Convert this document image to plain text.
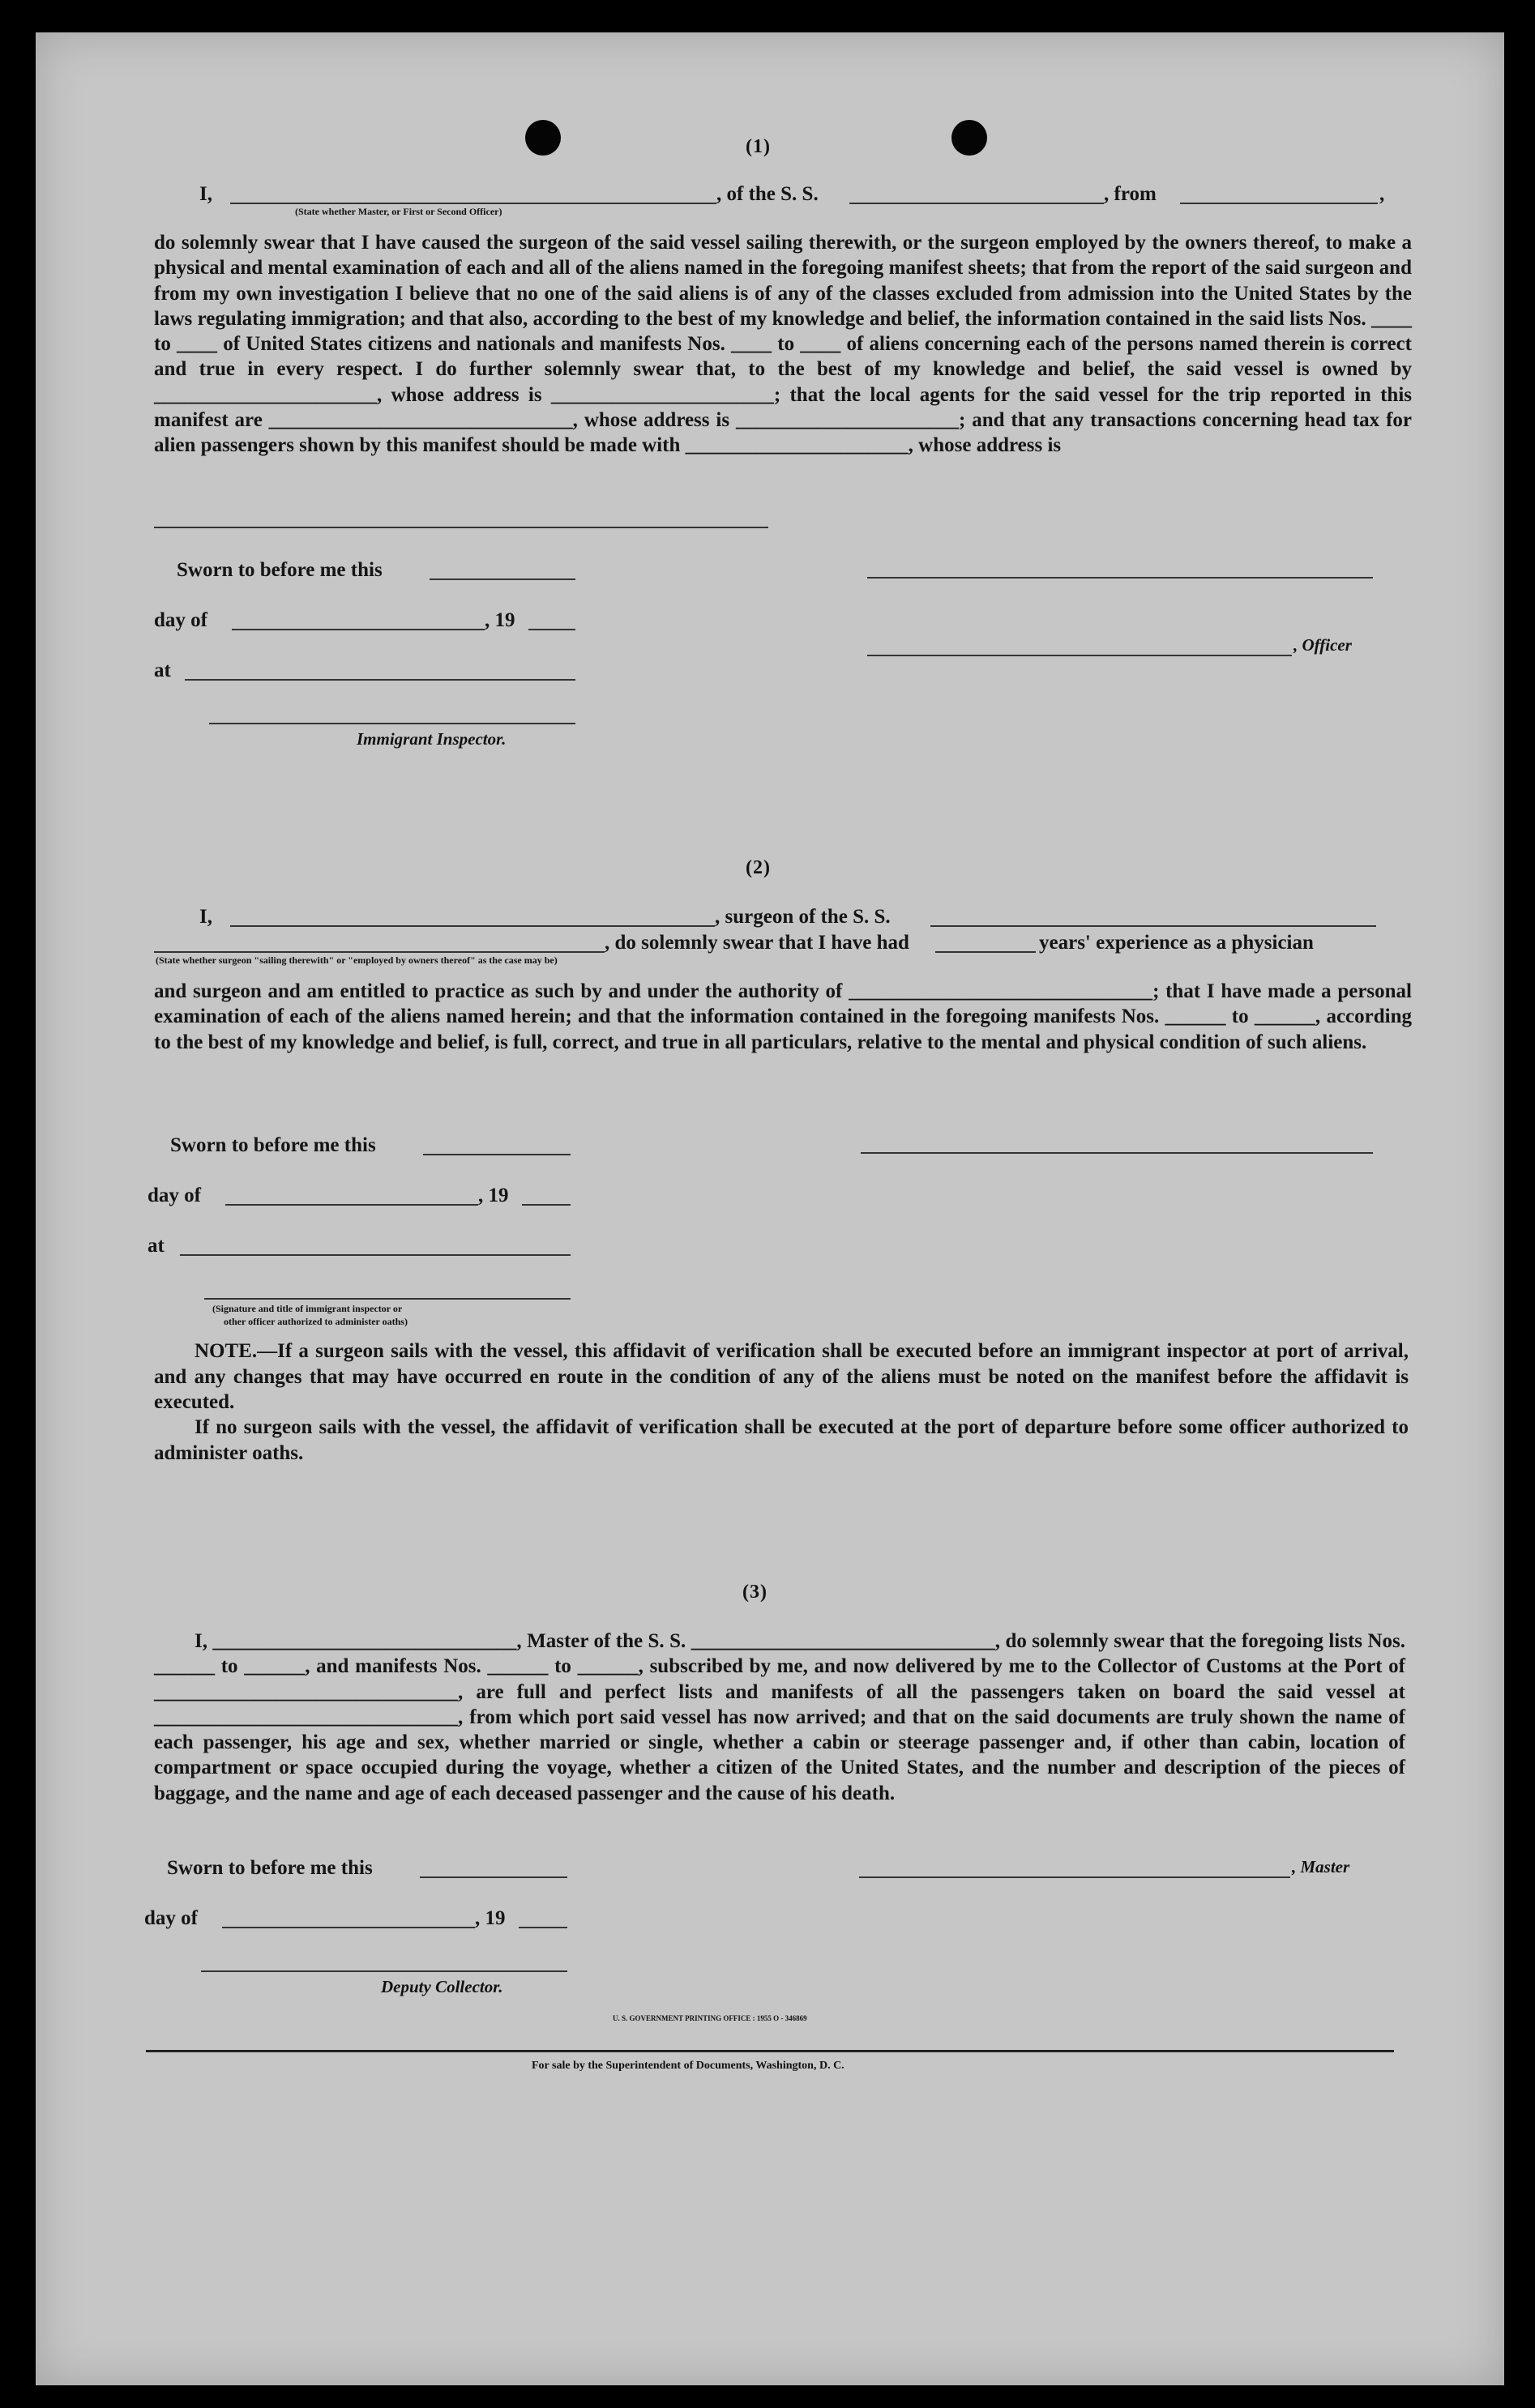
(1)
I,
(State whether Master, or First or Second Officer)
, of the S. S.	, from	,
do solemnly swear that I have caused the surgeon of the said vessel sailing therewith, or the surgeon employed by the owners thereof, to make a physical and mental examination of each and all of the aliens named in the foregoing manifest sheets; that from the report of the said surgeon and from my own investigation I believe that no one of the said aliens is of any of the classes excluded from admission into the United States by the laws regulating immigration; and that also, according to the best of my knowledge and belief, the information contained in the said lists Nos. ____ to ____ of United States citizens and nationals and manifests Nos. ____ to ____ of aliens concerning each of the persons named therein is correct and true in every respect. I do further solemnly swear that, to the best of my knowledge and belief, the said vessel is owned by ______________________, whose address is ______________________; that the local agents for the said vessel for the trip reported in this manifest are ______________________________, whose address is ______________________; and that any transactions concerning head tax for alien passengers shown by this manifest should be made with ______________________, whose address is
Sworn to before me this
day of	, 19
, Officer
at
Immigrant Inspector.
(2)
I,	, surgeon of the S. S.
, do solemnly swear that I have had	years' experience as a physician
(State whether surgeon "sailing therewith" or "employed by owners thereof" as the case may be)
and surgeon and am entitled to practice as such by and under the authority of ______________________________; that I have made a personal examination of each of the aliens named herein; and that the information contained in the foregoing manifests Nos. ______ to ______, according to the best of my knowledge and belief, is full, correct, and true in all particulars, relative to the mental and physical condition of such aliens.
Sworn to before me this
day of	, 19
at
(Signature and title of immigrant inspector or
other officer authorized to administer oaths)
NOTE.—If a surgeon sails with the vessel, this affidavit of verification shall be executed before an immigrant inspector at port of arrival, and any changes that may have occurred en route in the condition of any of the aliens must be noted on the manifest before the affidavit is executed.
If no surgeon sails with the vessel, the affidavit of verification shall be executed at the port of departure before some officer authorized to administer oaths.
(3)
I, ______________________________, Master of the S. S. ______________________________, do solemnly swear that the foregoing lists Nos. ______ to ______, and manifests Nos. ______ to ______, subscribed by me, and now delivered by me to the Collector of Customs at the Port of ______________________________, are full and perfect lists and manifests of all the passengers taken on board the said vessel at ______________________________, from which port said vessel has now arrived; and that on the said documents are truly shown the name of each passenger, his age and sex, whether married or single, whether a cabin or steerage passenger and, if other than cabin, location of compartment or space occupied during the voyage, whether a citizen of the United States, and the number and description of the pieces of baggage, and the name and age of each deceased passenger and the cause of his death.
Sworn to before me this	, Master
day of	, 19
Deputy Collector.
U. S. GOVERNMENT PRINTING OFFICE : 1955 O - 346869
For sale by the Superintendent of Documents, Washington, D. C.
